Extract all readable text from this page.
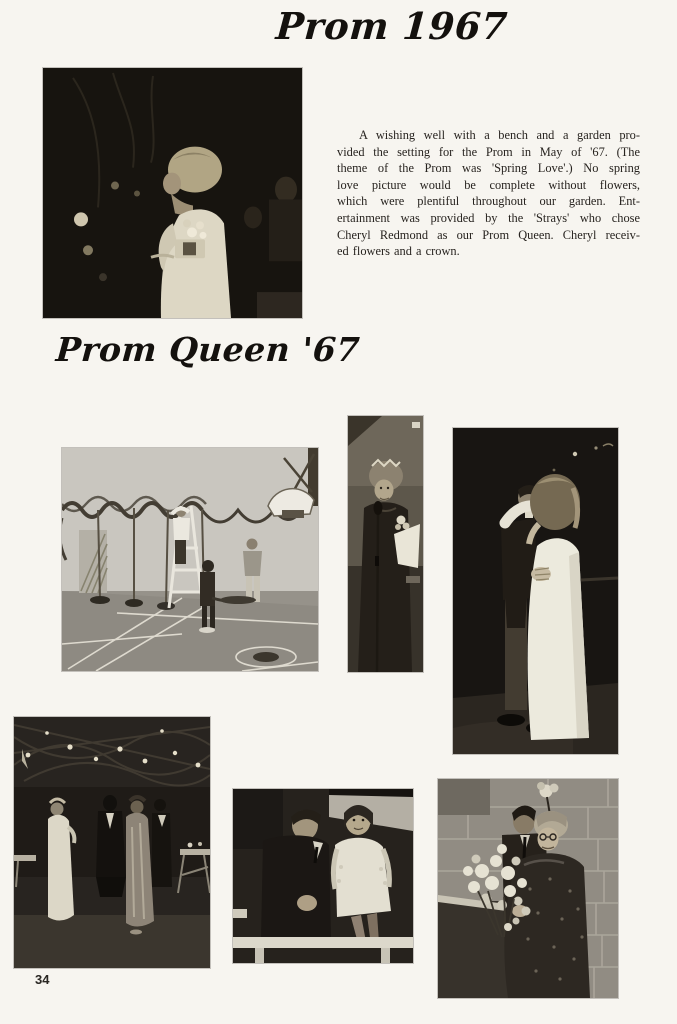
Prom 1967
A wishing well with a bench and a garden pro-
vided the setting for the Prom in May of '67. (The
theme of the Prom was 'Spring Love'.) No spring
love picture would be complete without flowers,
which were plentiful throughout our garden. Ent-
ertainment was provided by the 'Strays' who chose
Cheryl Redmond as our Prom Queen. Cheryl receiv-
ed flowers and a crown.
Prom Queen '67
34
